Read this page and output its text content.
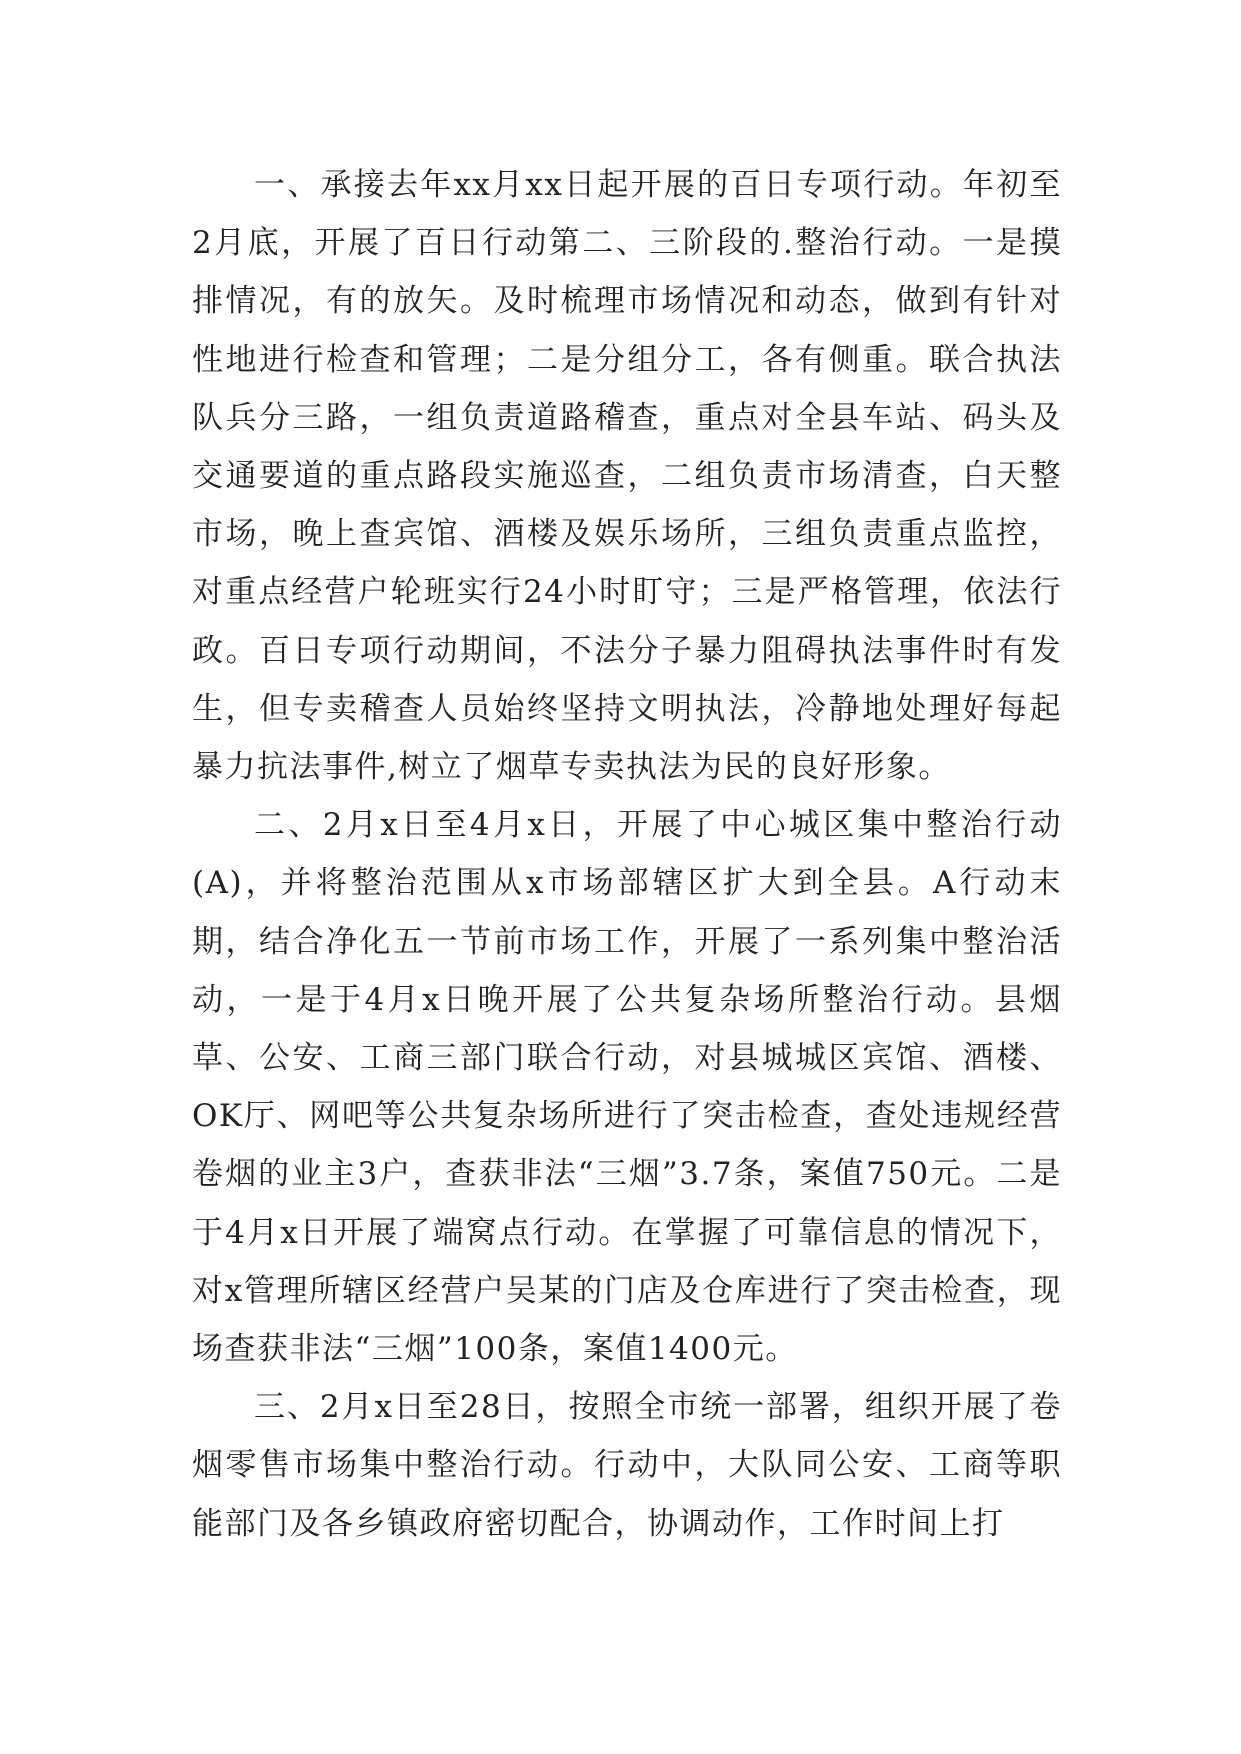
一、承接去年xx月xx日起开展的百日专项行动。年初至2月底，开展了百日行动第二、三阶段的.整治行动。一是摸排情况，有的放矢。及时梳理市场情况和动态，做到有针对性地进行检查和管理；二是分组分工，各有侧重。联合执法队兵分三路，一组负责道路稽查，重点对全县车站、码头及交通要道的重点路段实施巡查，二组负责市场清查，白天整市场，晚上查宾馆、酒楼及娱乐场所，三组负责重点监控，对重点经营户轮班实行24小时盯守；三是严格管理，依法行政。百日专项行动期间，不法分子暴力阻碍执法事件时有发生，但专卖稽查人员始终坚持文明执法，冷静地处理好每起暴力抗法事件,树立了烟草专卖执法为民的良好形象。

二、2月x日至4月x日，开展了中心城区集中整治行动(A)，并将整治范围从x市场部辖区扩大到全县。A行动末期，结合净化五一节前市场工作，开展了一系列集中整治活动，一是于4月x日晚开展了公共复杂场所整治行动。县烟草、公安、工商三部门联合行动，对县城城区宾馆、酒楼、OK厅、网吧等公共复杂场所进行了突击检查，查处违规经营卷烟的业主3户，查获非法“三烟”3.7条，案值750元。二是于4月x日开展了端窝点行动。在掌握了可靠信息的情况下，对x管理所辖区经营户吴某的门店及仓库进行了突击检查，现场查获非法“三烟”100条，案值1400元。

三、2月x日至28日，按照全市统一部署，组织开展了卷烟零售市场集中整治行动。行动中，大队同公安、工商等职能部门及各乡镇政府密切配合，协调动作，工作时间上打
